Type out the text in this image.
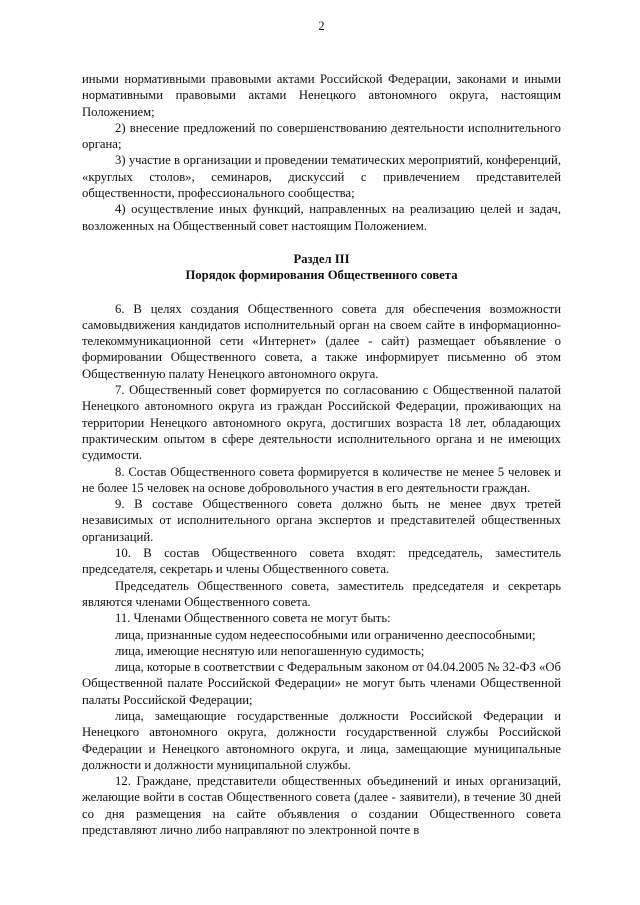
2

иными нормативными правовыми актами Российской Федерации, законами и иными нормативными правовыми актами Ненецкого автономного округа, настоящим Положением;

2) внесение предложений по совершенствованию деятельности исполнительного органа;

3) участие в организации и проведении тематических мероприятий, конференций, «круглых столов», семинаров, дискуссий с привлечением представителей общественности, профессионального сообщества;

4) осуществление иных функций, направленных на реализацию целей и задач, возложенных на Общественный совет настоящим Положением.

Раздел III
Порядок формирования Общественного совета

6. В целях создания Общественного совета для обеспечения возможности самовыдвижения кандидатов исполнительный орган на своем сайте в информационно-телекоммуникационной сети «Интернет» (далее - сайт) размещает объявление о формировании Общественного совета, а также информирует письменно об этом Общественную палату Ненецкого автономного округа.

7. Общественный совет формируется по согласованию с Общественной палатой Ненецкого автономного округа из граждан Российской Федерации, проживающих на территории Ненецкого автономного округа, достигших возраста 18 лет, обладающих практическим опытом в сфере деятельности исполнительного органа и не имеющих судимости.

8. Состав Общественного совета формируется в количестве не менее 5 человек и не более 15 человек на основе добровольного участия в его деятельности граждан.

9. В составе Общественного совета должно быть не менее двух третей независимых от исполнительного органа экспертов и представителей общественных организаций.

10. В состав Общественного совета входят: председатель, заместитель председателя, секретарь и члены Общественного совета.

Председатель Общественного совета, заместитель председателя и секретарь являются членами Общественного совета.

11. Членами Общественного совета не могут быть:

лица, признанные судом недееспособными или ограниченно дееспособными;

лица, имеющие неснятую или непогашенную судимость;

лица, которые в соответствии с Федеральным законом от 04.04.2005 № 32-ФЗ «Об Общественной палате Российской Федерации» не могут быть членами Общественной палаты Российской Федерации;

лица, замещающие государственные должности Российской Федерации и Ненецкого автономного округа, должности государственной службы Российской Федерации и Ненецкого автономного округа, и лица, замещающие муниципальные должности и должности муниципальной службы.

12. Граждане, представители общественных объединений и иных организаций, желающие войти в состав Общественного совета (далее - заявители), в течение 30 дней со дня размещения на сайте объявления о создании Общественного совета представляют лично либо направляют по электронной почте в
